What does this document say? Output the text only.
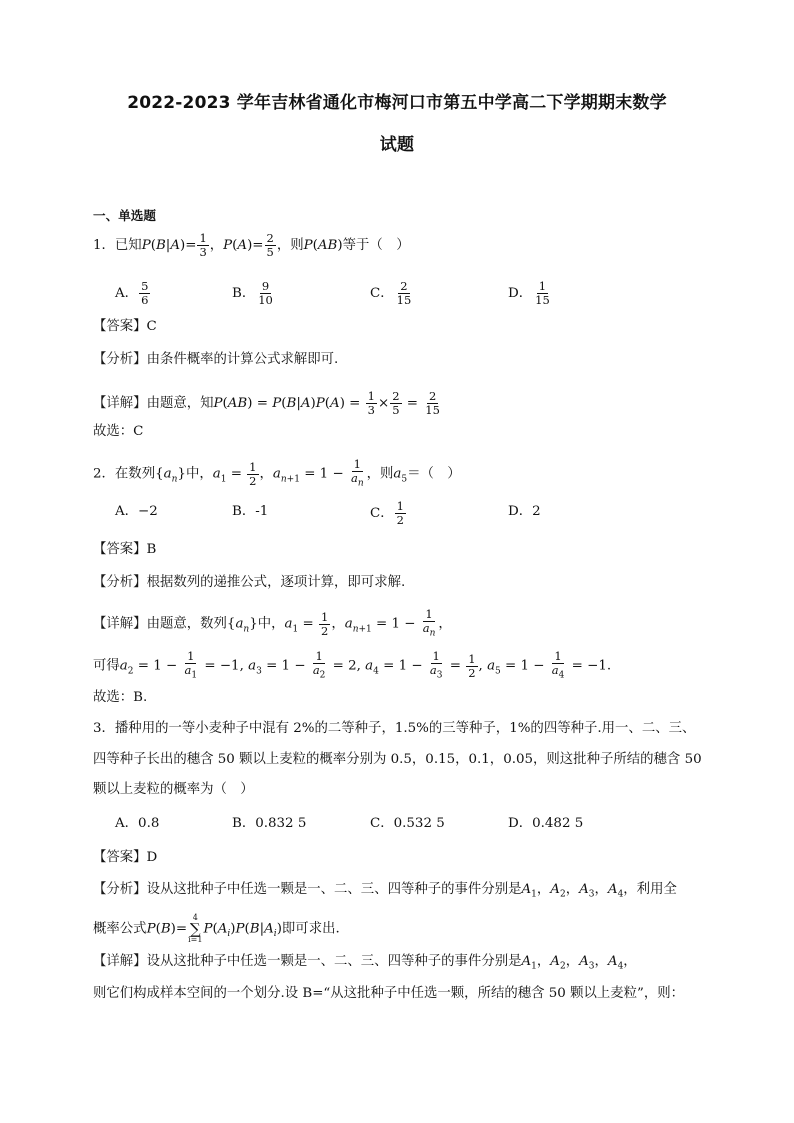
2022-2023 学年吉林省通化市梅河口市第五中学高二下学期期末数学
试题
一、单选题
1．已知$P(B|A)= \frac{1}{3}$ ，$P(A)= \frac{2}{5}$ ，则P(AB)等于（　）
A． $\frac{5}{6}$	B． $\frac{9}{10}$	C． $\frac{2}{15}$	D． $\frac{1}{15}$
【答案】C
【分析】由条件概率的计算公式求解即可.
【详解】由题意，知$P(AB) = P(B|A)P(A) = \frac{1}{3} \times \frac{2}{5} = \frac{2}{15}$
故选：C
2．在数列$\{a_n\}$中，$a_1 = \frac{1}{2}$ ，$a_{n+1} = 1 - \frac{1}{a_n}$ ，则$a_5=$（　）
A．−2	B．-1	C． $\frac{1}{2}$	D．2
【答案】B
【分析】根据数列的递推公式，逐项计算，即可求解.
【详解】由题意，数列$\{a_n\}$中，$a_1 = \frac{1}{2}$ ，$a_{n+1} = 1 - \frac{1}{a_n}$ ，
可得$a_2 = 1 - \frac{1}{a_1} = -1$, $a_3 = 1 - \frac{1}{a_2} = 2$, $a_4 = 1 - \frac{1}{a_3} = \frac{1}{2}$ , $a_5 = 1 - \frac{1}{a_4} = -1$.
故选：B.
3．播种用的一等小麦种子中混有 2%的二等种子，1.5%的三等种子，1%的四等种子.用一、二、三、
四等种子长出的穗含 50 颗以上麦粒的概率分别为 0.5，0.15，0.1，0.05，则这批种子所结的穗含 50
颗以上麦粒的概率为（　）
A．0.8	B．0.832 5	C．0.532 5	D．0.482 5
【答案】D
【分析】设从这批种子中任选一颗是一、二、三、四等种子的事件分别是$A_1$，$A_2$，$A_3$，$A_4$，利用全
概率公式P(B)=
4
∑
i=1
$P(A_i)P(B|A_i)$即可求出.
【详解】设从这批种子中任选一颗是一、二、三、四等种子的事件分别是$A_1$，$A_2$，$A_3$，$A_4$，
则它们构成样本空间的一个划分.设 B=“从这批种子中任选一颗，所结的穗含 50 颗以上麦粒”，则：
